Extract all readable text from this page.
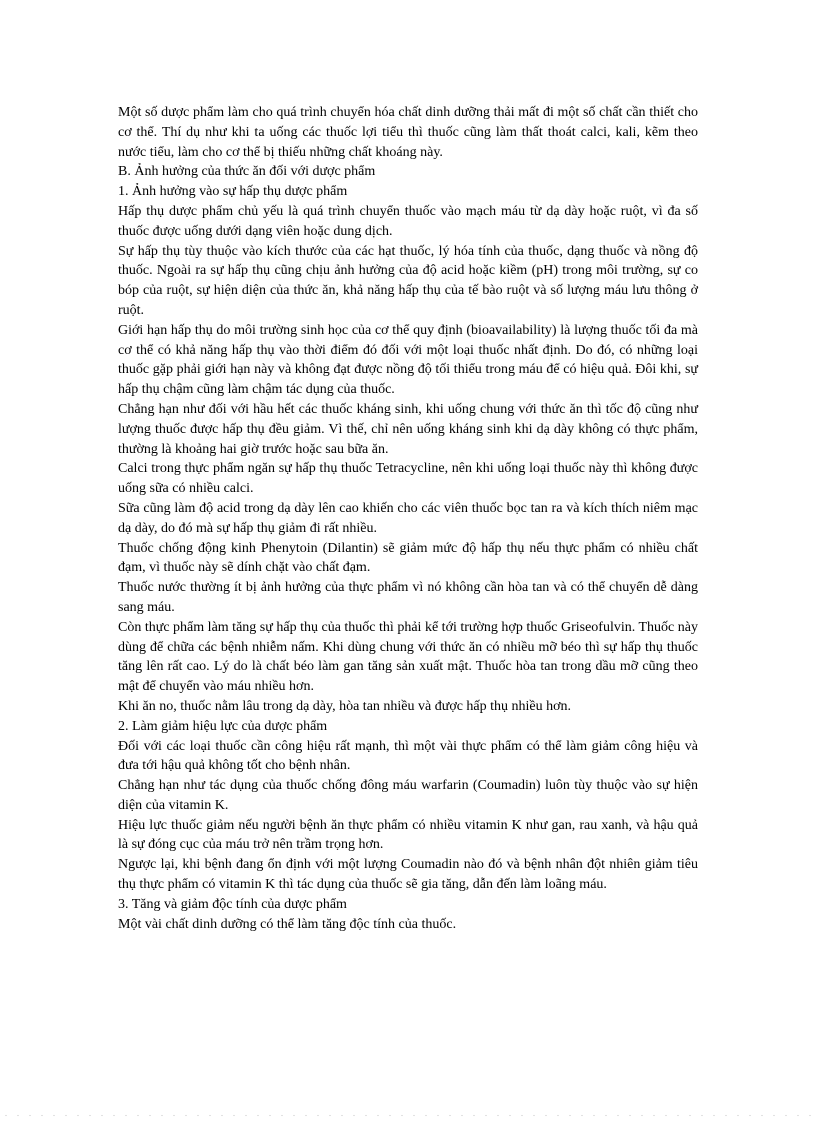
Một số dược phẩm làm cho quá trình chuyển hóa chất dinh dưỡng thải mất đi một số chất cần thiết cho cơ thể. Thí dụ như khi ta uống các thuốc lợi tiểu thì thuốc cũng làm thất thoát calci, kali, kẽm theo nước tiểu, làm cho cơ thể bị thiếu những chất khoáng này.

B. Ảnh hưởng của thức ăn đối với dược phẩm

1. Ảnh hưởng vào sự hấp thụ dược phẩm

Hấp thụ dược phẩm chủ yếu là quá trình chuyển thuốc vào mạch máu từ dạ dày hoặc ruột, vì đa số thuốc được uống dưới dạng viên hoặc dung dịch.

Sự hấp thụ tùy thuộc vào kích thước của các hạt thuốc, lý hóa tính của thuốc, dạng thuốc và nồng độ thuốc. Ngoài ra sự hấp thụ cũng chịu ảnh hưởng của độ acid hoặc kiềm (pH) trong môi trường, sự co bóp của ruột, sự hiện diện của thức ăn, khả năng hấp thụ của tế bào ruột và số lượng máu lưu thông ở ruột.

Giới hạn hấp thụ do môi trường sinh học của cơ thể quy định (bioavailability) là lượng thuốc tối đa mà cơ thể có khả năng hấp thụ vào thời điểm đó đối với một loại thuốc nhất định. Do đó, có những loại thuốc gặp phải giới hạn này và không đạt được nồng độ tối thiểu trong máu để có hiệu quả. Đôi khi, sự hấp thụ chậm cũng làm chậm tác dụng của thuốc.

Chẳng hạn như đối với hầu hết các thuốc kháng sinh, khi uống chung với thức ăn thì tốc độ cũng như lượng thuốc được hấp thụ đều giảm. Vì thế, chỉ nên uống kháng sinh khi dạ dày không có thực phẩm, thường là khoảng hai giờ trước hoặc sau bữa ăn.

Calci trong thực phẩm ngăn sự hấp thụ thuốc Tetracycline, nên khi uống loại thuốc này thì không được uống sữa có nhiều calci.

Sữa cũng làm độ acid trong dạ dày lên cao khiến cho các viên thuốc bọc tan ra và kích thích niêm mạc dạ dày, do đó mà sự hấp thụ giảm đi rất nhiều.

Thuốc chống động kinh Phenytoin (Dilantin) sẽ giảm mức độ hấp thụ nếu thực phẩm có nhiều chất đạm, vì thuốc này sẽ dính chặt vào chất đạm.

Thuốc nước thường ít bị ảnh hưởng của thực phẩm vì nó không cần hòa tan và có thể chuyển dễ dàng sang máu.

Còn thực phẩm làm tăng sự hấp thụ của thuốc thì phải kể tới trường hợp thuốc Griseofulvin. Thuốc này dùng để chữa các bệnh nhiễm nấm. Khi dùng chung với thức ăn có nhiều mỡ béo thì sự hấp thụ thuốc tăng lên rất cao. Lý do là chất béo làm gan tăng sản xuất mật. Thuốc hòa tan trong dầu mỡ cũng theo mật để chuyển vào máu nhiều hơn.

Khi ăn no, thuốc nằm lâu trong dạ dày, hòa tan nhiều và được hấp thụ nhiều hơn.

2. Làm giảm hiệu lực của dược phẩm

Đối với các loại thuốc cần công hiệu rất mạnh, thì một vài thực phẩm có thể làm giảm công hiệu và đưa tới hậu quả không tốt cho bệnh nhân.

Chẳng hạn như tác dụng của thuốc chống đông máu warfarin (Coumadin) luôn tùy thuộc vào sự hiện diện của vitamin K.

Hiệu lực thuốc giảm nếu người bệnh ăn thực phẩm có nhiều vitamin K như gan, rau xanh, và hậu quả là sự đóng cục của máu trở nên trầm trọng hơn.

Ngược lại, khi bệnh đang ổn định với một lượng Coumadin nào đó và bệnh nhân đột nhiên giảm tiêu thụ thực phẩm có vitamin K thì tác dụng của thuốc sẽ gia tăng, dẫn đến làm loãng máu.

3. Tăng và giảm độc tính của dược phẩm

Một vài chất dinh dưỡng có thể làm tăng độc tính của thuốc.
